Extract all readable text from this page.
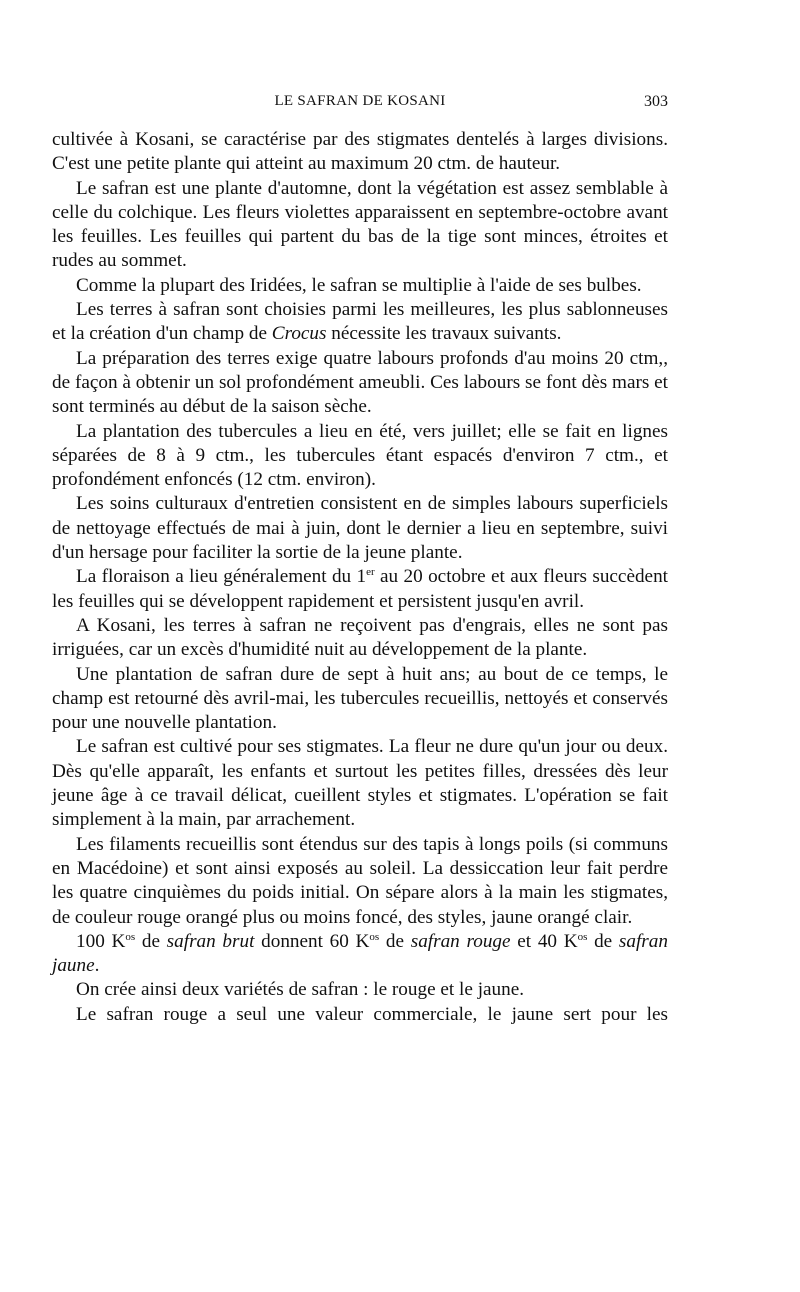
LE SAFRAN DE KOSANI	303

cultivée à Kosani, se caractérise par des stigmates dentelés à larges divisions. C'est une petite plante qui atteint au maximum 20 ctm. de hauteur.

Le safran est une plante d'automne, dont la végétation est assez semblable à celle du colchique. Les fleurs violettes apparaissent en septembre-octobre avant les feuilles. Les feuilles qui partent du bas de la tige sont minces, étroites et rudes au sommet.

Comme la plupart des Iridées, le safran se multiplie à l'aide de ses bulbes.

Les terres à safran sont choisies parmi les meilleures, les plus sablonneuses et la création d'un champ de Crocus nécessite les travaux suivants.

La préparation des terres exige quatre labours profonds d'au moins 20 ctm,, de façon à obtenir un sol profondément ameubli. Ces labours se font dès mars et sont terminés au début de la saison sèche.

La plantation des tubercules a lieu en été, vers juillet; elle se fait en lignes séparées de 8 à 9 ctm., les tubercules étant espacés d'environ 7 ctm., et profondément enfoncés (12 ctm. environ).

Les soins culturaux d'entretien consistent en de simples labours superficiels de nettoyage effectués de mai à juin, dont le dernier a lieu en septembre, suivi d'un hersage pour faciliter la sortie de la jeune plante.

La floraison a lieu généralement du 1er au 20 octobre et aux fleurs succèdent les feuilles qui se développent rapidement et persistent jusqu'en avril.

A Kosani, les terres à safran ne reçoivent pas d'engrais, elles ne sont pas irriguées, car un excès d'humidité nuit au développement de la plante.

Une plantation de safran dure de sept à huit ans; au bout de ce temps, le champ est retourné dès avril-mai, les tubercules recueillis, nettoyés et conservés pour une nouvelle plantation.

Le safran est cultivé pour ses stigmates. La fleur ne dure qu'un jour ou deux. Dès qu'elle apparaît, les enfants et surtout les petites filles, dressées dès leur jeune âge à ce travail délicat, cueillent styles et stigmates. L'opération se fait simplement à la main, par arrachement.

Les filaments recueillis sont étendus sur des tapis à longs poils (si communs en Macédoine) et sont ainsi exposés au soleil. La dessiccation leur fait perdre les quatre cinquièmes du poids initial. On sépare alors à la main les stigmates, de couleur rouge orangé plus ou moins foncé, des styles, jaune orangé clair.

100 $K^{os}$ de safran brut donnent 60 $K^{os}$ de safran rouge et 40 $K^{os}$ de safran jaune.

On crée ainsi deux variétés de safran : le rouge et le jaune.

Le safran rouge a seul une valeur commerciale, le jaune sert pour les
